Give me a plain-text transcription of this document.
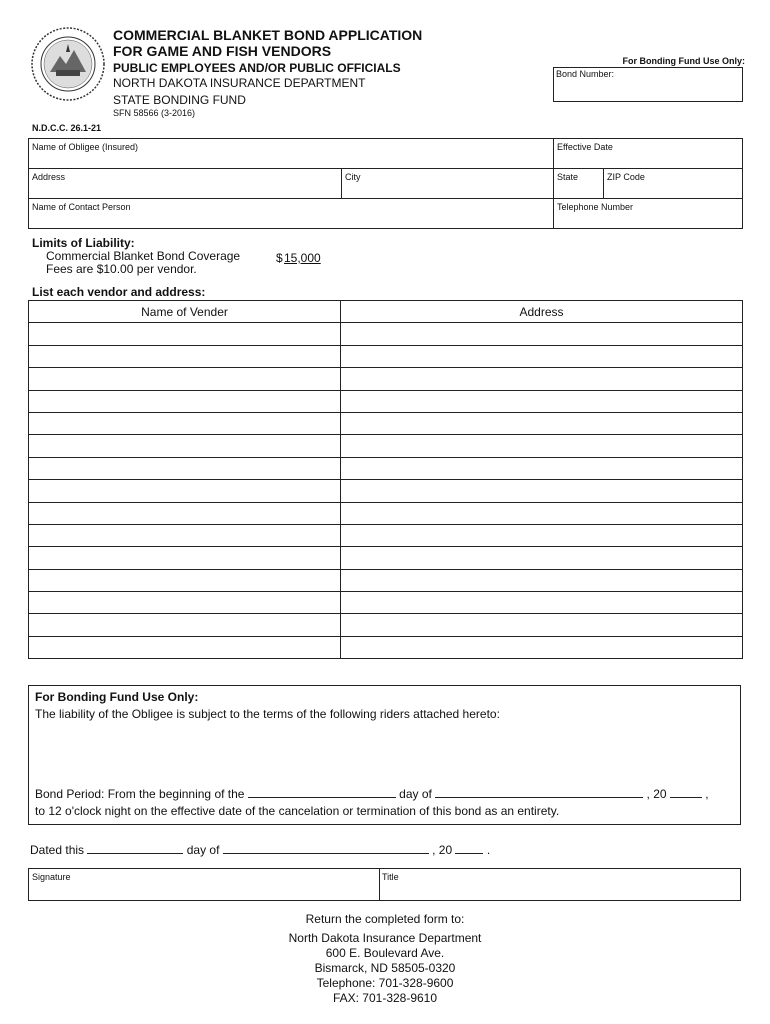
COMMERCIAL BLANKET BOND APPLICATION
FOR GAME AND FISH VENDORS
PUBLIC EMPLOYEES AND/OR PUBLIC OFFICIALS
NORTH DAKOTA INSURANCE DEPARTMENT
STATE BONDING FUND
SFN 58566 (3-2016)
N.D.C.C. 26.1-21
For Bonding Fund Use Only:
Bond Number:
Name of Obligee (Insured)	Effective Date
Address	City	State	ZIP Code
Name of Contact Person	Telephone Number
Limits of Liability:
Commercial Blanket Bond Coverage
Fees are $10.00 per vendor.
$ 15,000
List each vendor and address:
Name of Vender	Address
For Bonding Fund Use Only:
The liability of the Obligee is subject to the terms of the following riders attached hereto:
Bond Period: From the beginning of the	day of	, 20	,
to 12 o'clock night on the effective date of the cancelation or termination of this bond as an entirety.
Dated this	day of	, 20	.
Signature	Title
Return the completed form to:
North Dakota Insurance Department
600 E. Boulevard Ave.
Bismarck, ND 58505-0320
Telephone: 701-328-9600
FAX: 701-328-9610
